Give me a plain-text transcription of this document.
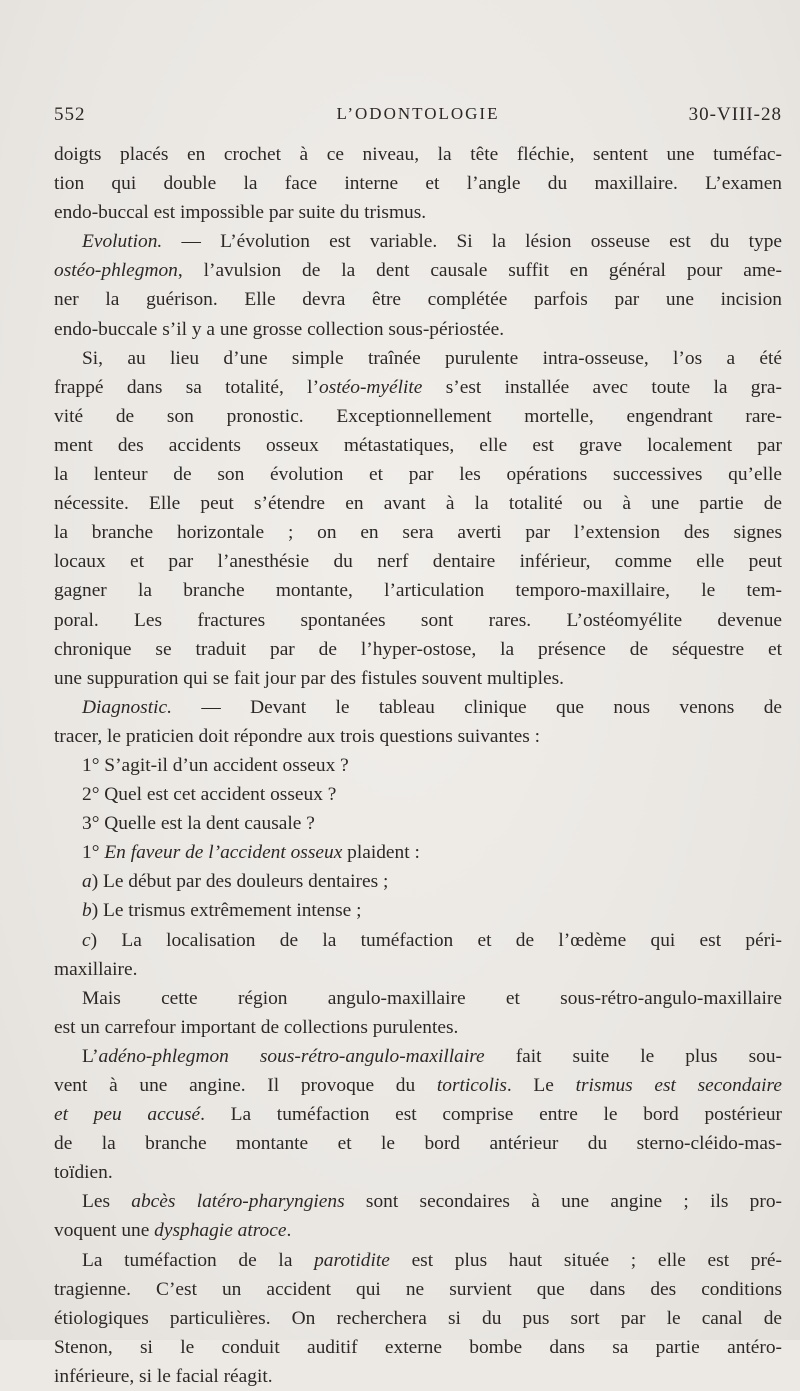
552	L’ODONTOLOGIE	30-VIII-28
doigts placés en crochet à ce niveau, la tête fléchie, sentent une tuméfac-
tion qui double la face interne et l’angle du maxillaire. L’examen
endo-buccal est impossible par suite du trismus.
Evolution. — L’évolution est variable. Si la lésion osseuse est du type
ostéo-phlegmon, l’avulsion de la dent causale suffit en général pour ame-
ner la guérison. Elle devra être complétée parfois par une incision
endo-buccale s’il y a une grosse collection sous-périostée.
Si, au lieu d’une simple traînée purulente intra-osseuse, l’os a été
frappé dans sa totalité, l’ostéo-myélite s’est installée avec toute la gra-
vité de son pronostic. Exceptionnellement mortelle, engendrant rare-
ment des accidents osseux métastatiques, elle est grave localement par
la lenteur de son évolution et par les opérations successives qu’elle
nécessite. Elle peut s’étendre en avant à la totalité ou à une partie de
la branche horizontale ; on en sera averti par l’extension des signes
locaux et par l’anesthésie du nerf dentaire inférieur, comme elle peut
gagner la branche montante, l’articulation temporo-maxillaire, le tem-
poral. Les fractures spontanées sont rares. L’ostéomyélite devenue
chronique se traduit par de l’hyper-ostose, la présence de séquestre et
une suppuration qui se fait jour par des fistules souvent multiples.
Diagnostic. — Devant le tableau clinique que nous venons de
tracer, le praticien doit répondre aux trois questions suivantes :
1° S’agit-il d’un accident osseux ?
2° Quel est cet accident osseux ?
3° Quelle est la dent causale ?
1° En faveur de l’accident osseux plaident :
a) Le début par des douleurs dentaires ;
b) Le trismus extrêmement intense ;
c) La localisation de la tuméfaction et de l’œdème qui est péri-
maxillaire.
Mais cette région angulo-maxillaire et sous-rétro-angulo-maxillaire
est un carrefour important de collections purulentes.
L’adéno-phlegmon sous-rétro-angulo-maxillaire fait suite le plus sou-
vent à une angine. Il provoque du torticolis. Le trismus est secondaire
et peu accusé. La tuméfaction est comprise entre le bord postérieur
de la branche montante et le bord antérieur du sterno-cléido-mas-
toïdien.
Les abcès latéro-pharyngiens sont secondaires à une angine ; ils pro-
voquent une dysphagie atroce.
La tuméfaction de la parotidite est plus haut située ; elle est pré-
tragienne. C’est un accident qui ne survient que dans des conditions
étiologiques particulières. On recherchera si du pus sort par le canal de
Stenon, si le conduit auditif externe bombe dans sa partie antéro-
inférieure, si le facial réagit.
